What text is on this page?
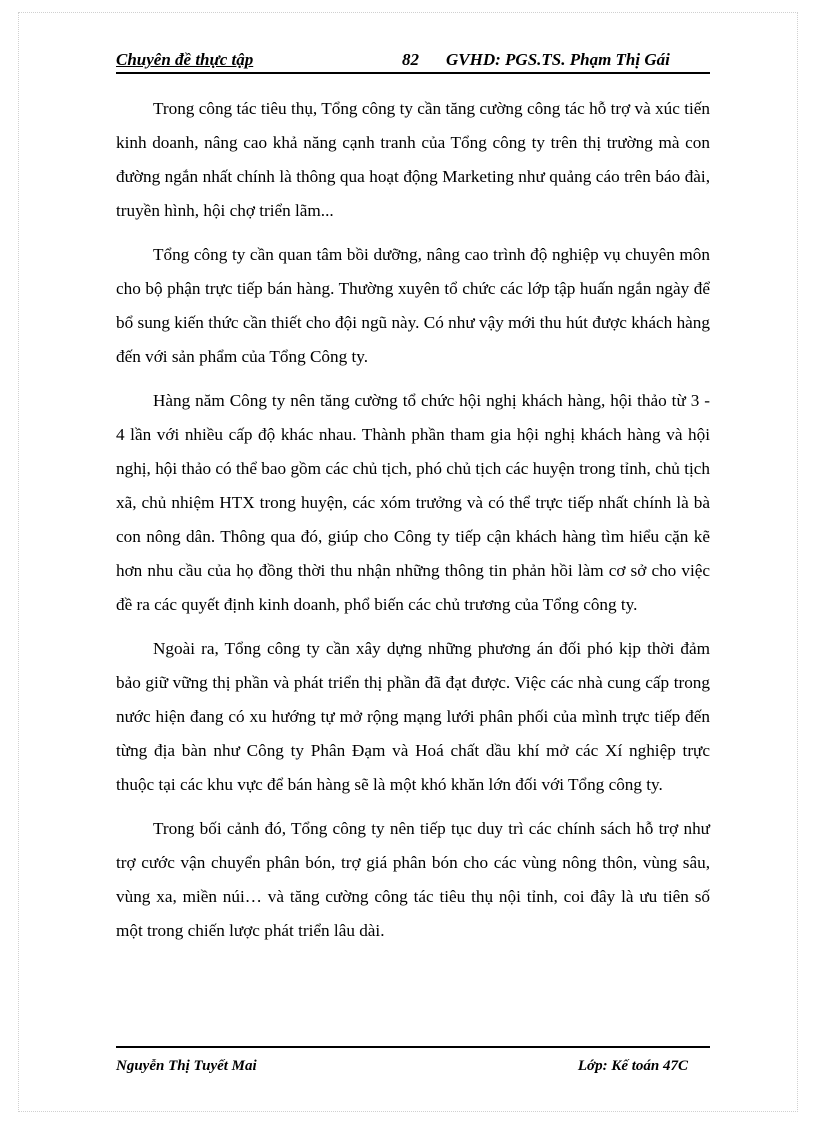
Chuyên đề thực tập	82 GVHD: PGS.TS. Phạm Thị Gái

Trong công tác tiêu thụ, Tổng công ty cần tăng cường công tác hỗ trợ và xúc tiến kinh doanh, nâng cao khả năng cạnh tranh của Tổng công ty trên thị trường mà con đường ngắn nhất chính là thông qua hoạt động Marketing như quảng cáo trên báo đài, truyền hình, hội chợ triển lãm...

Tổng công ty cần quan tâm bồi dưỡng, nâng cao trình độ nghiệp vụ chuyên môn cho bộ phận trực tiếp bán hàng. Thường xuyên tổ chức các lớp tập huấn ngắn ngày để bổ sung kiến thức cần thiết cho đội ngũ này. Có như vậy mới thu hút được khách hàng đến với sản phẩm của Tổng Công ty.

Hàng năm Công ty nên tăng cường tổ chức hội nghị khách hàng, hội thảo từ 3 - 4 lần với nhiều cấp độ khác nhau. Thành phần tham gia hội nghị khách hàng và hội nghị, hội thảo có thể bao gồm các chủ tịch, phó chủ tịch các huyện trong tỉnh, chủ tịch xã, chủ nhiệm HTX trong huyện, các xóm trưởng và có thể trực tiếp nhất chính là bà con nông dân. Thông qua đó, giúp cho Công ty tiếp cận khách hàng tìm hiểu cặn kẽ hơn nhu cầu của họ đồng thời thu nhận những thông tin phản hồi làm cơ sở cho việc đề ra các quyết định kinh doanh, phổ biến các chủ trương của Tổng công ty.

Ngoài ra, Tổng công ty cần xây dựng những phương án đối phó kịp thời đảm bảo giữ vững thị phần và phát triển thị phần đã đạt được. Việc các nhà cung cấp trong nước hiện đang có xu hướng tự mở rộng mạng lưới phân phối của mình trực tiếp đến từng địa bàn như Công ty Phân Đạm và Hoá chất dầu khí mở các Xí nghiệp trực thuộc tại các khu vực để bán hàng sẽ là một khó khăn lớn đối với Tổng công ty.

Trong bối cảnh đó, Tổng công ty nên tiếp tục duy trì các chính sách hỗ trợ như trợ cước vận chuyển phân bón, trợ giá phân bón cho các vùng nông thôn, vùng sâu, vùng xa, miền núi… và tăng cường công tác tiêu thụ nội tỉnh, coi đây là ưu tiên số một trong chiến lược phát triển lâu dài.

Nguyễn Thị Tuyết Mai	Lớp: Kế toán 47C
